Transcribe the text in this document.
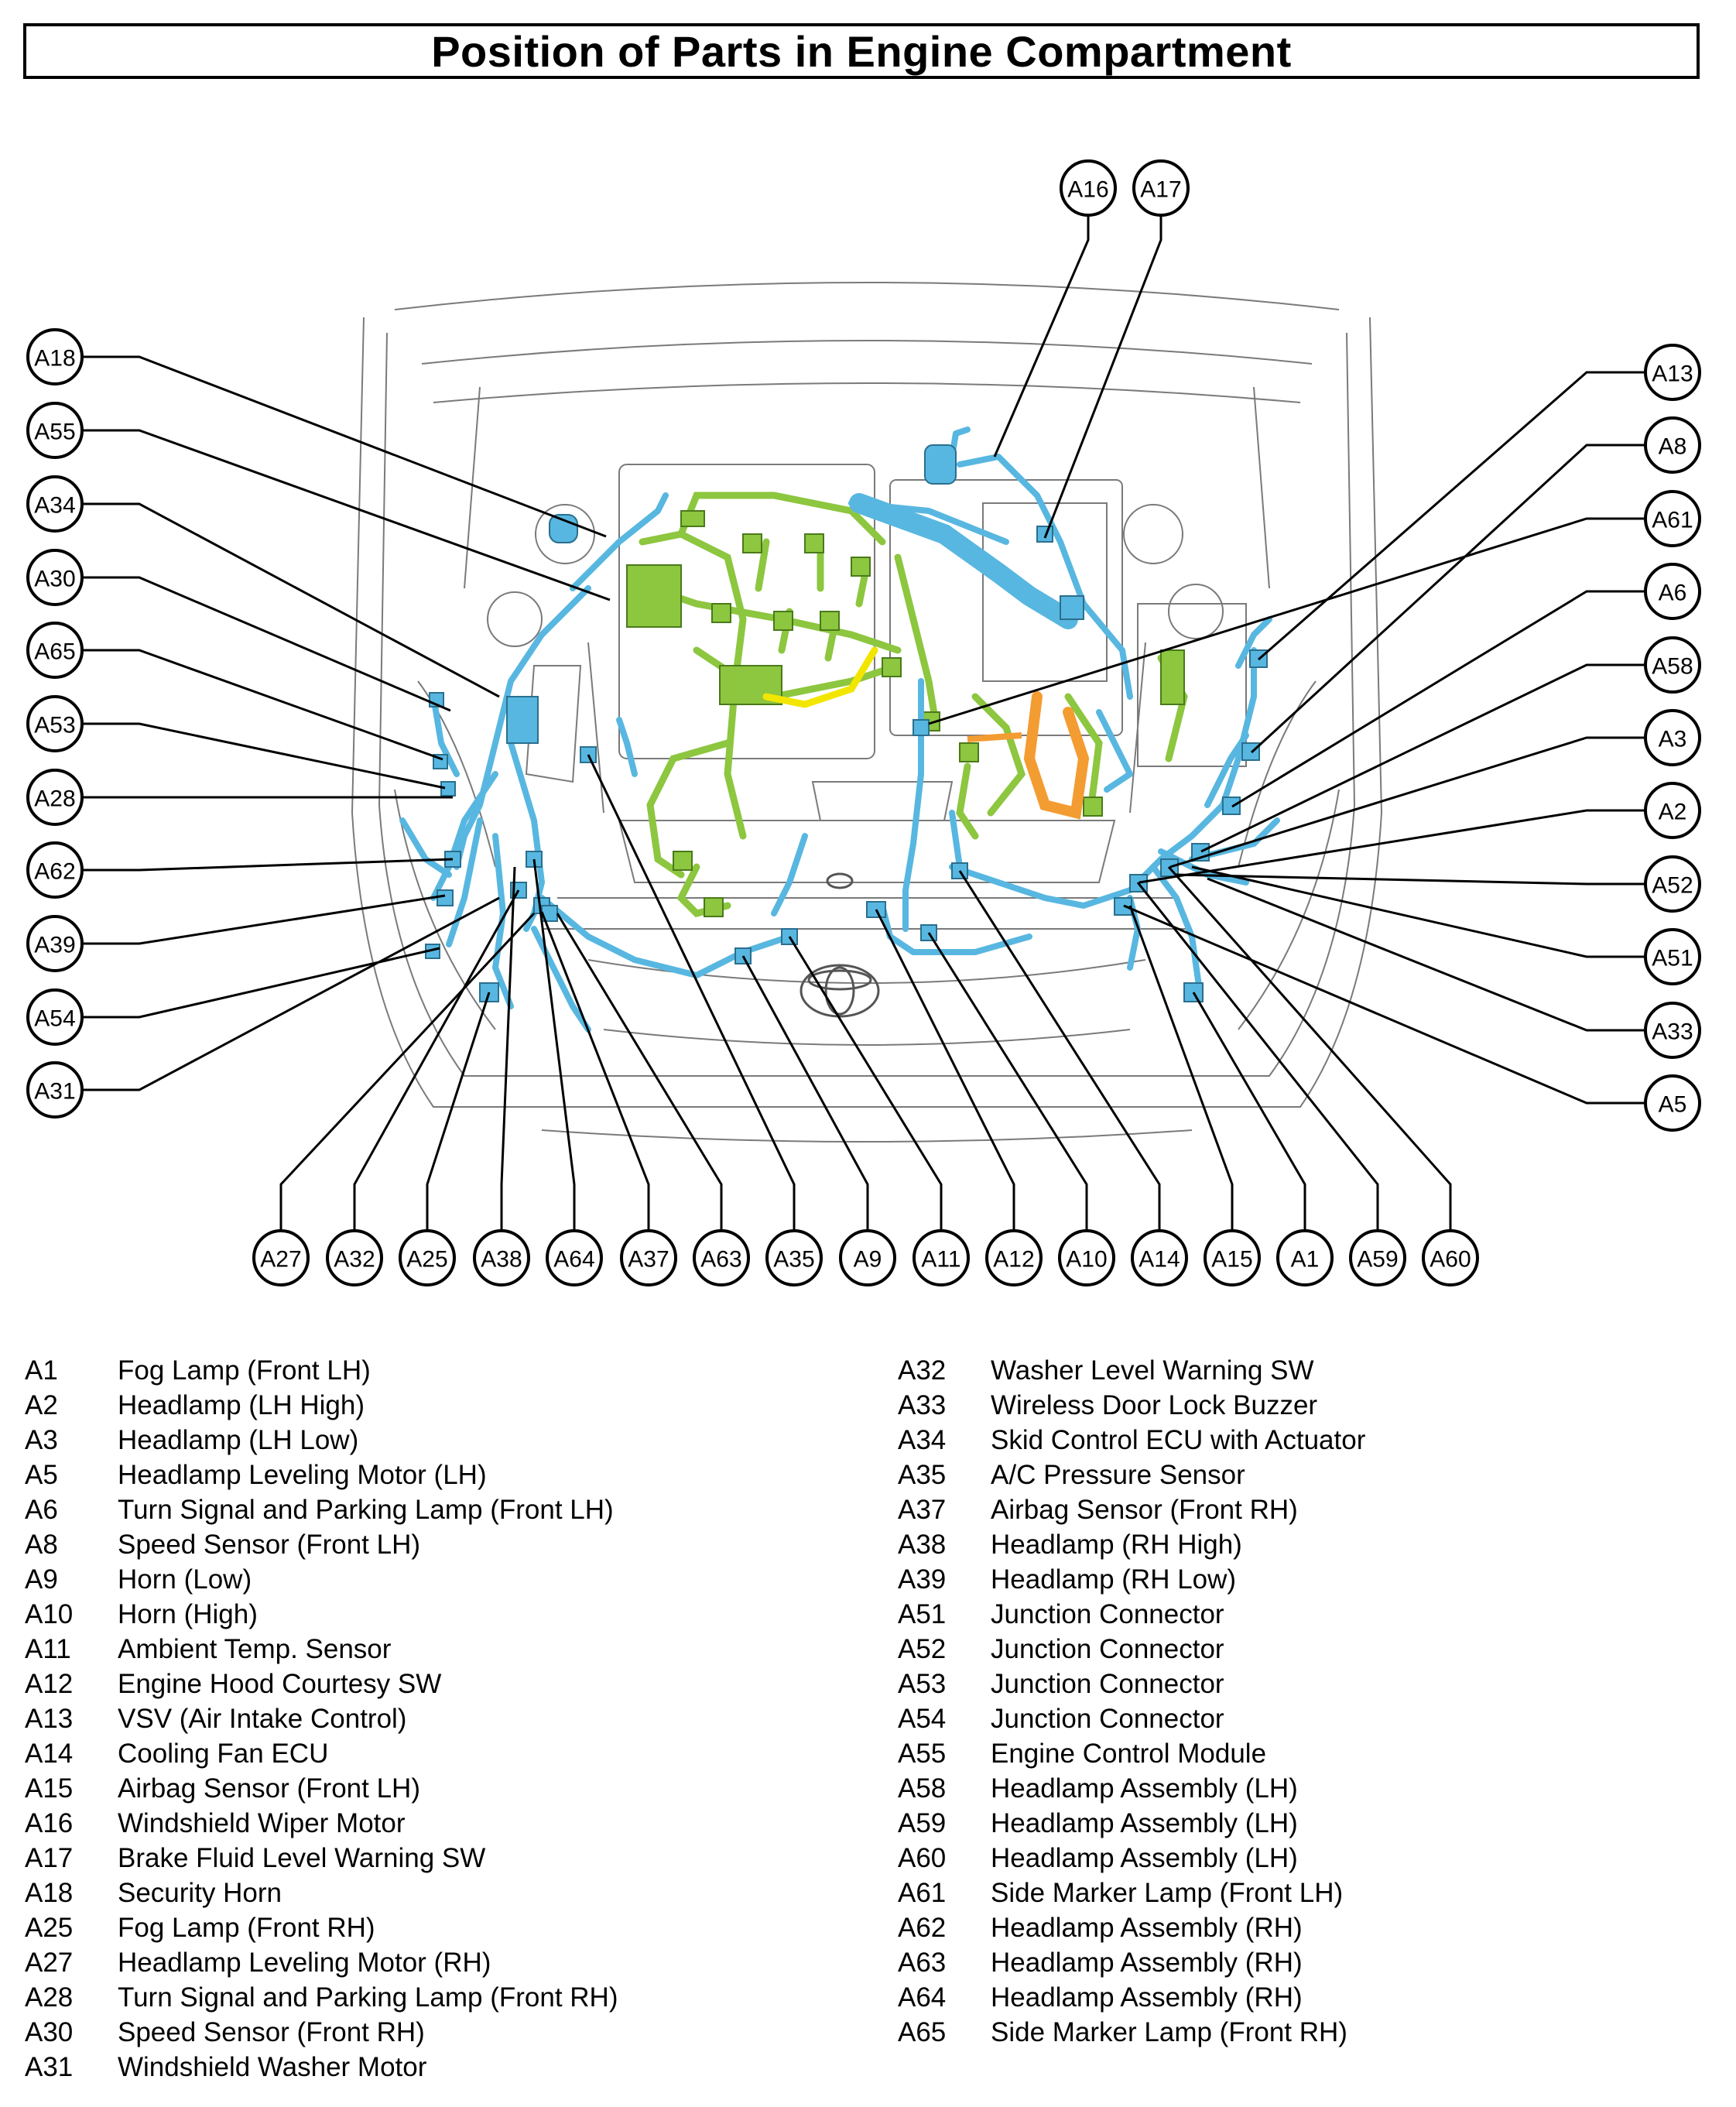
Position of Parts in Engine Compartment
A16 A17
A18
A55
A34
A30
A65
A53
A28
A62
A39
A54
A31
A13
A8
A61
A6
A58
A3
A2
A52
A51
A33
A5
A27 A32 A25 A38 A64 A37 A63 A35 A9 A11 A12 A10 A14 A15 A1 A59 A60
A1	Fog Lamp (Front LH)
A2	Headlamp (LH High)
A3	Headlamp (LH Low)
A5	Headlamp Leveling Motor (LH)
A6	Turn Signal and Parking Lamp (Front LH)
A8	Speed Sensor (Front LH)
A9	Horn (Low)
A10	Horn (High)
A11	Ambient Temp. Sensor
A12	Engine Hood Courtesy SW
A13	VSV (Air Intake Control)
A14	Cooling Fan ECU
A15	Airbag Sensor (Front LH)
A16	Windshield Wiper Motor
A17	Brake Fluid Level Warning SW
A18	Security Horn
A25	Fog Lamp (Front RH)
A27	Headlamp Leveling Motor (RH)
A28	Turn Signal and Parking Lamp (Front RH)
A30	Speed Sensor (Front RH)
A31	Windshield Washer Motor
A32	Washer Level Warning SW
A33	Wireless Door Lock Buzzer
A34	Skid Control ECU with Actuator
A35	A/C Pressure Sensor
A37	Airbag Sensor (Front RH)
A38	Headlamp (RH High)
A39	Headlamp (RH Low)
A51	Junction Connector
A52	Junction Connector
A53	Junction Connector
A54	Junction Connector
A55	Engine Control Module
A58	Headlamp Assembly (LH)
A59	Headlamp Assembly (LH)
A60	Headlamp Assembly (LH)
A61	Side Marker Lamp (Front LH)
A62	Headlamp Assembly (RH)
A63	Headlamp Assembly (RH)
A64	Headlamp Assembly (RH)
A65	Side Marker Lamp (Front RH)
